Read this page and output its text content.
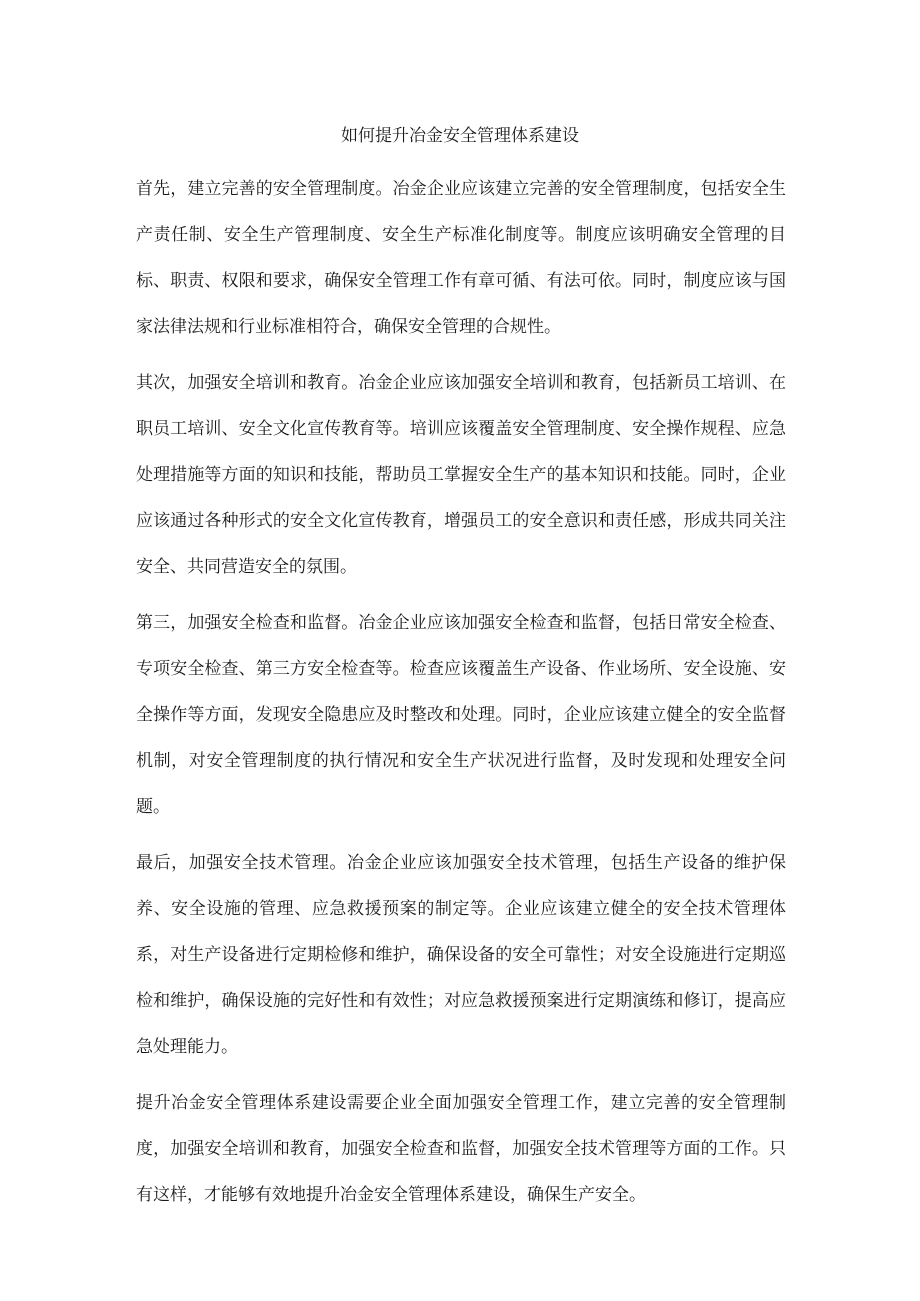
如何提升冶金安全管理体系建设

首先，建立完善的安全管理制度。冶金企业应该建立完善的安全管理制度，包括安全生产责任制、安全生产管理制度、安全生产标准化制度等。制度应该明确安全管理的目标、职责、权限和要求，确保安全管理工作有章可循、有法可依。同时，制度应该与国家法律法规和行业标准相符合，确保安全管理的合规性。

其次，加强安全培训和教育。冶金企业应该加强安全培训和教育，包括新员工培训、在职员工培训、安全文化宣传教育等。培训应该覆盖安全管理制度、安全操作规程、应急处理措施等方面的知识和技能，帮助员工掌握安全生产的基本知识和技能。同时，企业应该通过各种形式的安全文化宣传教育，增强员工的安全意识和责任感，形成共同关注安全、共同营造安全的氛围。

第三，加强安全检查和监督。冶金企业应该加强安全检查和监督，包括日常安全检查、专项安全检查、第三方安全检查等。检查应该覆盖生产设备、作业场所、安全设施、安全操作等方面，发现安全隐患应及时整改和处理。同时，企业应该建立健全的安全监督机制，对安全管理制度的执行情况和安全生产状况进行监督，及时发现和处理安全问题。

最后，加强安全技术管理。冶金企业应该加强安全技术管理，包括生产设备的维护保养、安全设施的管理、应急救援预案的制定等。企业应该建立健全的安全技术管理体系，对生产设备进行定期检修和维护，确保设备的安全可靠性；对安全设施进行定期巡检和维护，确保设施的完好性和有效性；对应急救援预案进行定期演练和修订，提高应急处理能力。

提升冶金安全管理体系建设需要企业全面加强安全管理工作，建立完善的安全管理制度，加强安全培训和教育，加强安全检查和监督，加强安全技术管理等方面的工作。只有这样，才能够有效地提升冶金安全管理体系建设，确保生产安全。
